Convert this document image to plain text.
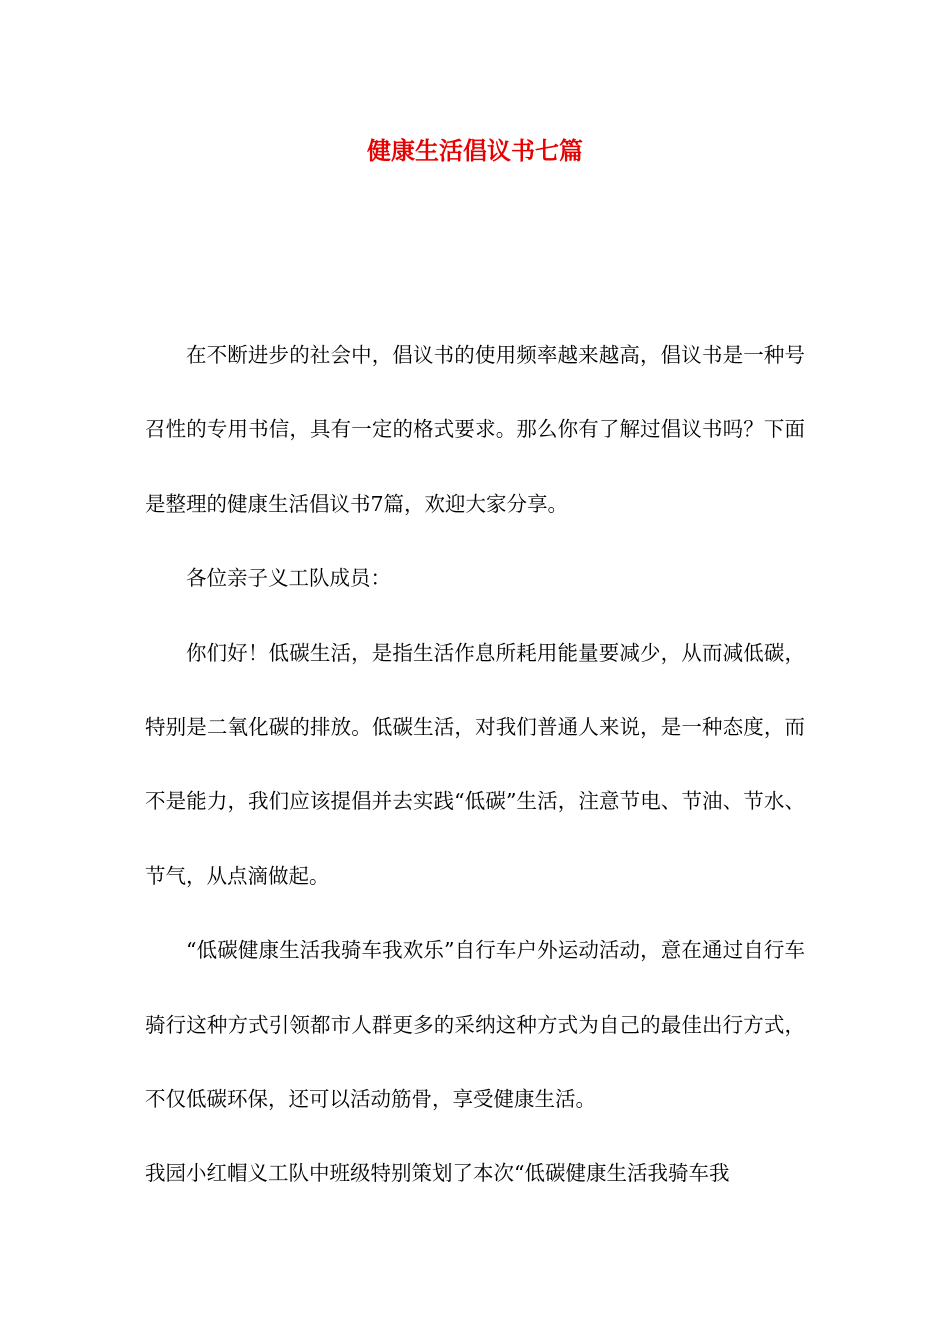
健康生活倡议书七篇

在不断进步的社会中，倡议书的使用频率越来越高，倡议书是一种号召性的专用书信，具有一定的格式要求。那么你有了解过倡议书吗？下面是整理的健康生活倡议书7篇，欢迎大家分享。

各位亲子义工队成员：

你们好！低碳生活，是指生活作息所耗用能量要减少，从而减低碳，特别是二氧化碳的排放。低碳生活，对我们普通人来说，是一种态度，而不是能力，我们应该提倡并去实践“低碳”生活，注意节电、节油、节水、节气，从点滴做起。

“低碳健康生活我骑车我欢乐”自行车户外运动活动，意在通过自行车骑行这种方式引领都市人群更多的采纳这种方式为自己的最佳出行方式，不仅低碳环保，还可以活动筋骨，享受健康生活。

我园小红帽义工队中班级特别策划了本次“低碳健康生活我骑车我
